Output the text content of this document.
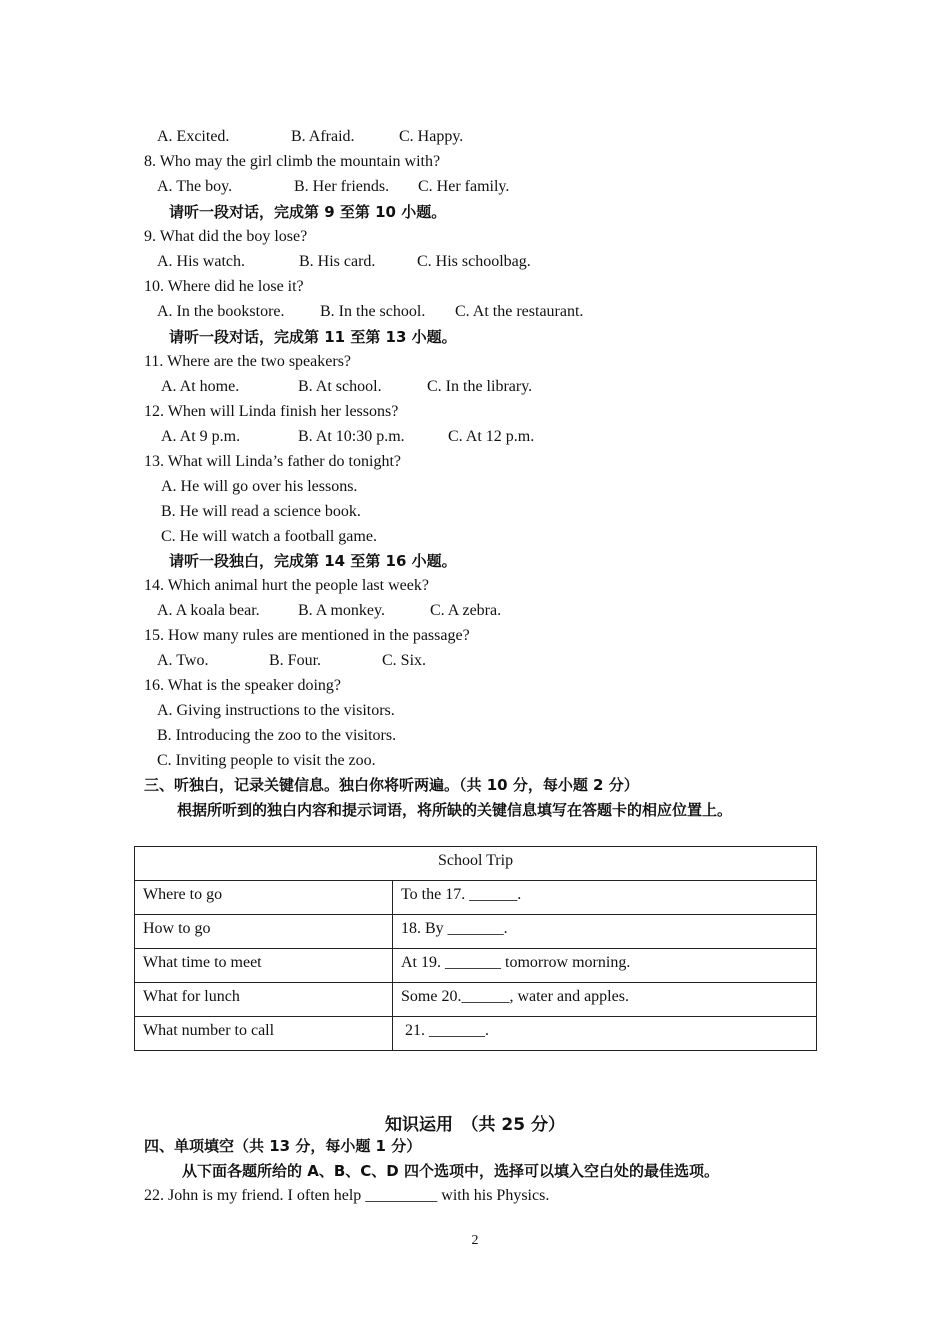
A. Excited.	B. Afraid.	C. Happy.
8. Who may the girl climb the mountain with?
A. The boy.	B. Her friends. C. Her family.
请听一段对话，完成第 9 至第 10 小题。
9. What did the boy lose?
A. His watch.	B. His card.	C. His schoolbag.
10. Where did he lose it?
A. In the bookstore. B. In the school. C. At the restaurant.
请听一段对话，完成第 11 至第 13 小题。
11. Where are the two speakers?
A. At home.	B. At school.	C. In the library.
12. When will Linda finish her lessons?
A. At 9 p.m.	B. At 10:30 p.m.	C. At 12 p.m.
13. What will Linda’s father do tonight?
A. He will go over his lessons.
B. He will read a science book.
C. He will watch a football game.
请听一段独白，完成第 14 至第 16 小题。
14. Which animal hurt the people last week?
A. A koala bear. B. A monkey.	C. A zebra.
15. How many rules are mentioned in the passage?
A. Two.	B. Four.	C. Six.
16. What is the speaker doing?
A. Giving instructions to the visitors.
B. Introducing the zoo to the visitors.
C. Inviting people to visit the zoo.
三、听独白，记录关键信息。独白你将听两遍。（共 10 分，每小题 2 分）
根据所听到的独白内容和提示词语，将所缺的关键信息填写在答题卡的相应位置上。
School Trip	
Where to go	To the 17. ______.
How to go	18. By _______.
What time to meet	At 19. _______ tomorrow morning.
What for lunch	Some 20.______, water and apples.
What number to call	21. _______.
知识运用　（共 25 分）
四、单项填空（共 13 分，每小题 1 分）
从下面各题所给的 A、B、C、D 四个选项中，选择可以填入空白处的最佳选项。
22. John is my friend. I often help _________ with his Physics.
2
